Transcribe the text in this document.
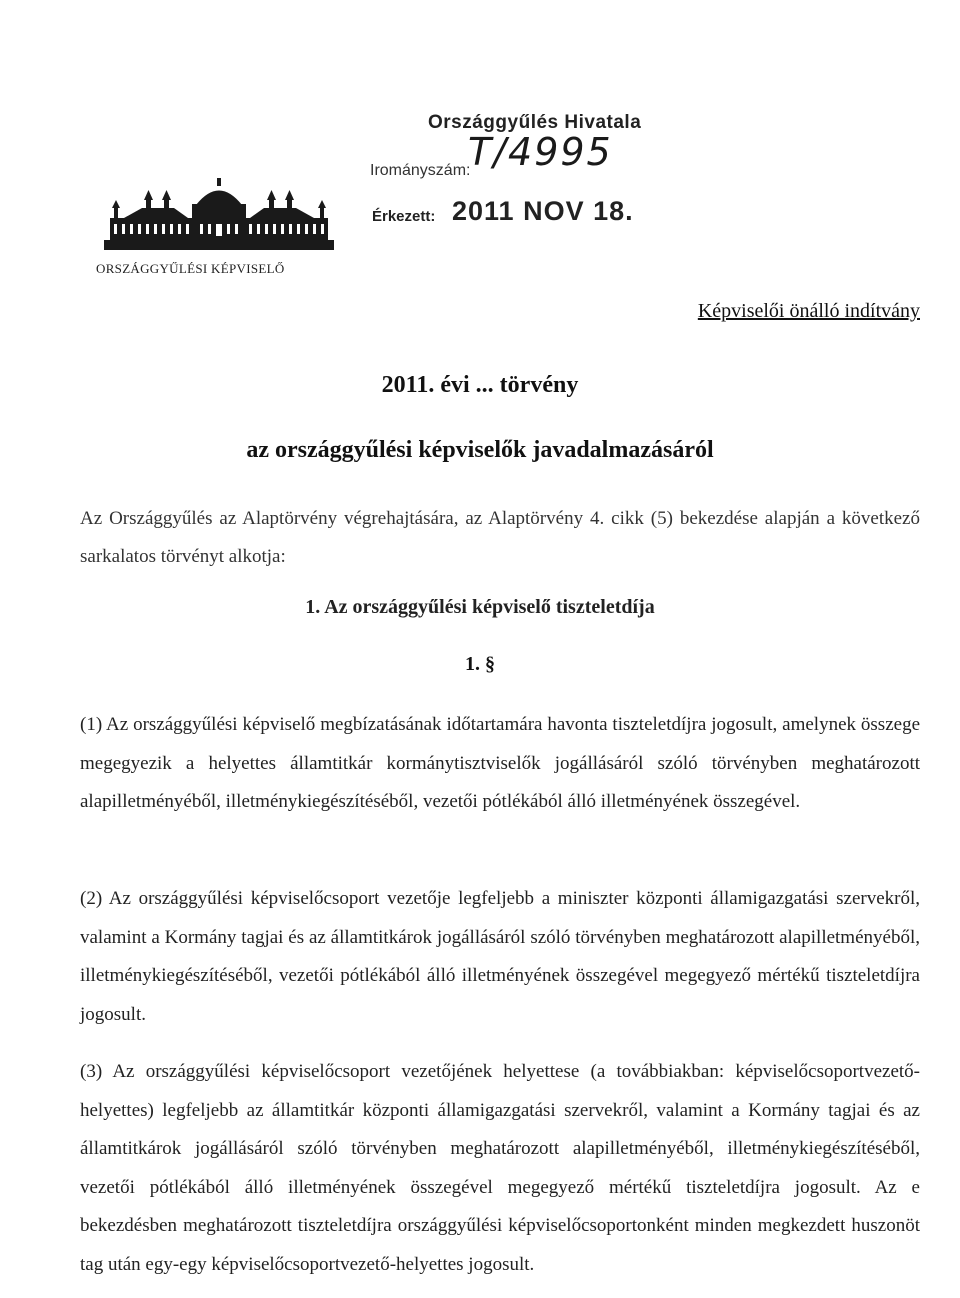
Országgyűlés Hivatala
Irományszám:
T/4995
Érkezett: 2011 NOV 18.
ORSZÁGGYŰLÉSI KÉPVISELŐ
Képviselői önálló indítvány
2011. évi ... törvény
az országgyűlési képviselők javadalmazásáról
Az Országgyűlés az Alaptörvény végrehajtására, az Alaptörvény 4. cikk (5) bekezdése alapján a következő sarkalatos törvényt alkotja:
1. Az országgyűlési képviselő tiszteletdíja
1. §
(1) Az országgyűlési képviselő megbízatásának időtartamára havonta tiszteletdíjra jogosult, amelynek összege megegyezik a helyettes államtitkár kormánytisztviselők jogállásáról szóló törvényben meghatározott alapilletményéből, illetménykiegészítéséből, vezetői pótlékából álló illetményének összegével.
(2) Az országgyűlési képviselőcsoport vezetője legfeljebb a miniszter központi államigazgatási szervekről, valamint a Kormány tagjai és az államtitkárok jogállásáról szóló törvényben meghatározott alapilletményéből, illetménykiegészítéséből, vezetői pótlékából álló illetményének összegével megegyező mértékű tiszteletdíjra jogosult.
(3) Az országgyűlési képviselőcsoport vezetőjének helyettese (a továbbiakban: képviselőcsoportvezető-helyettes) legfeljebb az államtitkár központi államigazgatási szervekről, valamint a Kormány tagjai és az államtitkárok jogállásáról szóló törvényben meghatározott alapilletményéből, illetménykiegészítéséből, vezetői pótlékából álló illetményének összegével megegyező mértékű tiszteletdíjra jogosult. Az e bekezdésben meghatározott tiszteletdíjra országgyűlési képviselőcsoportonként minden megkezdett huszonöt tag után egy-egy képviselőcsoportvezető-helyettes jogosult.
